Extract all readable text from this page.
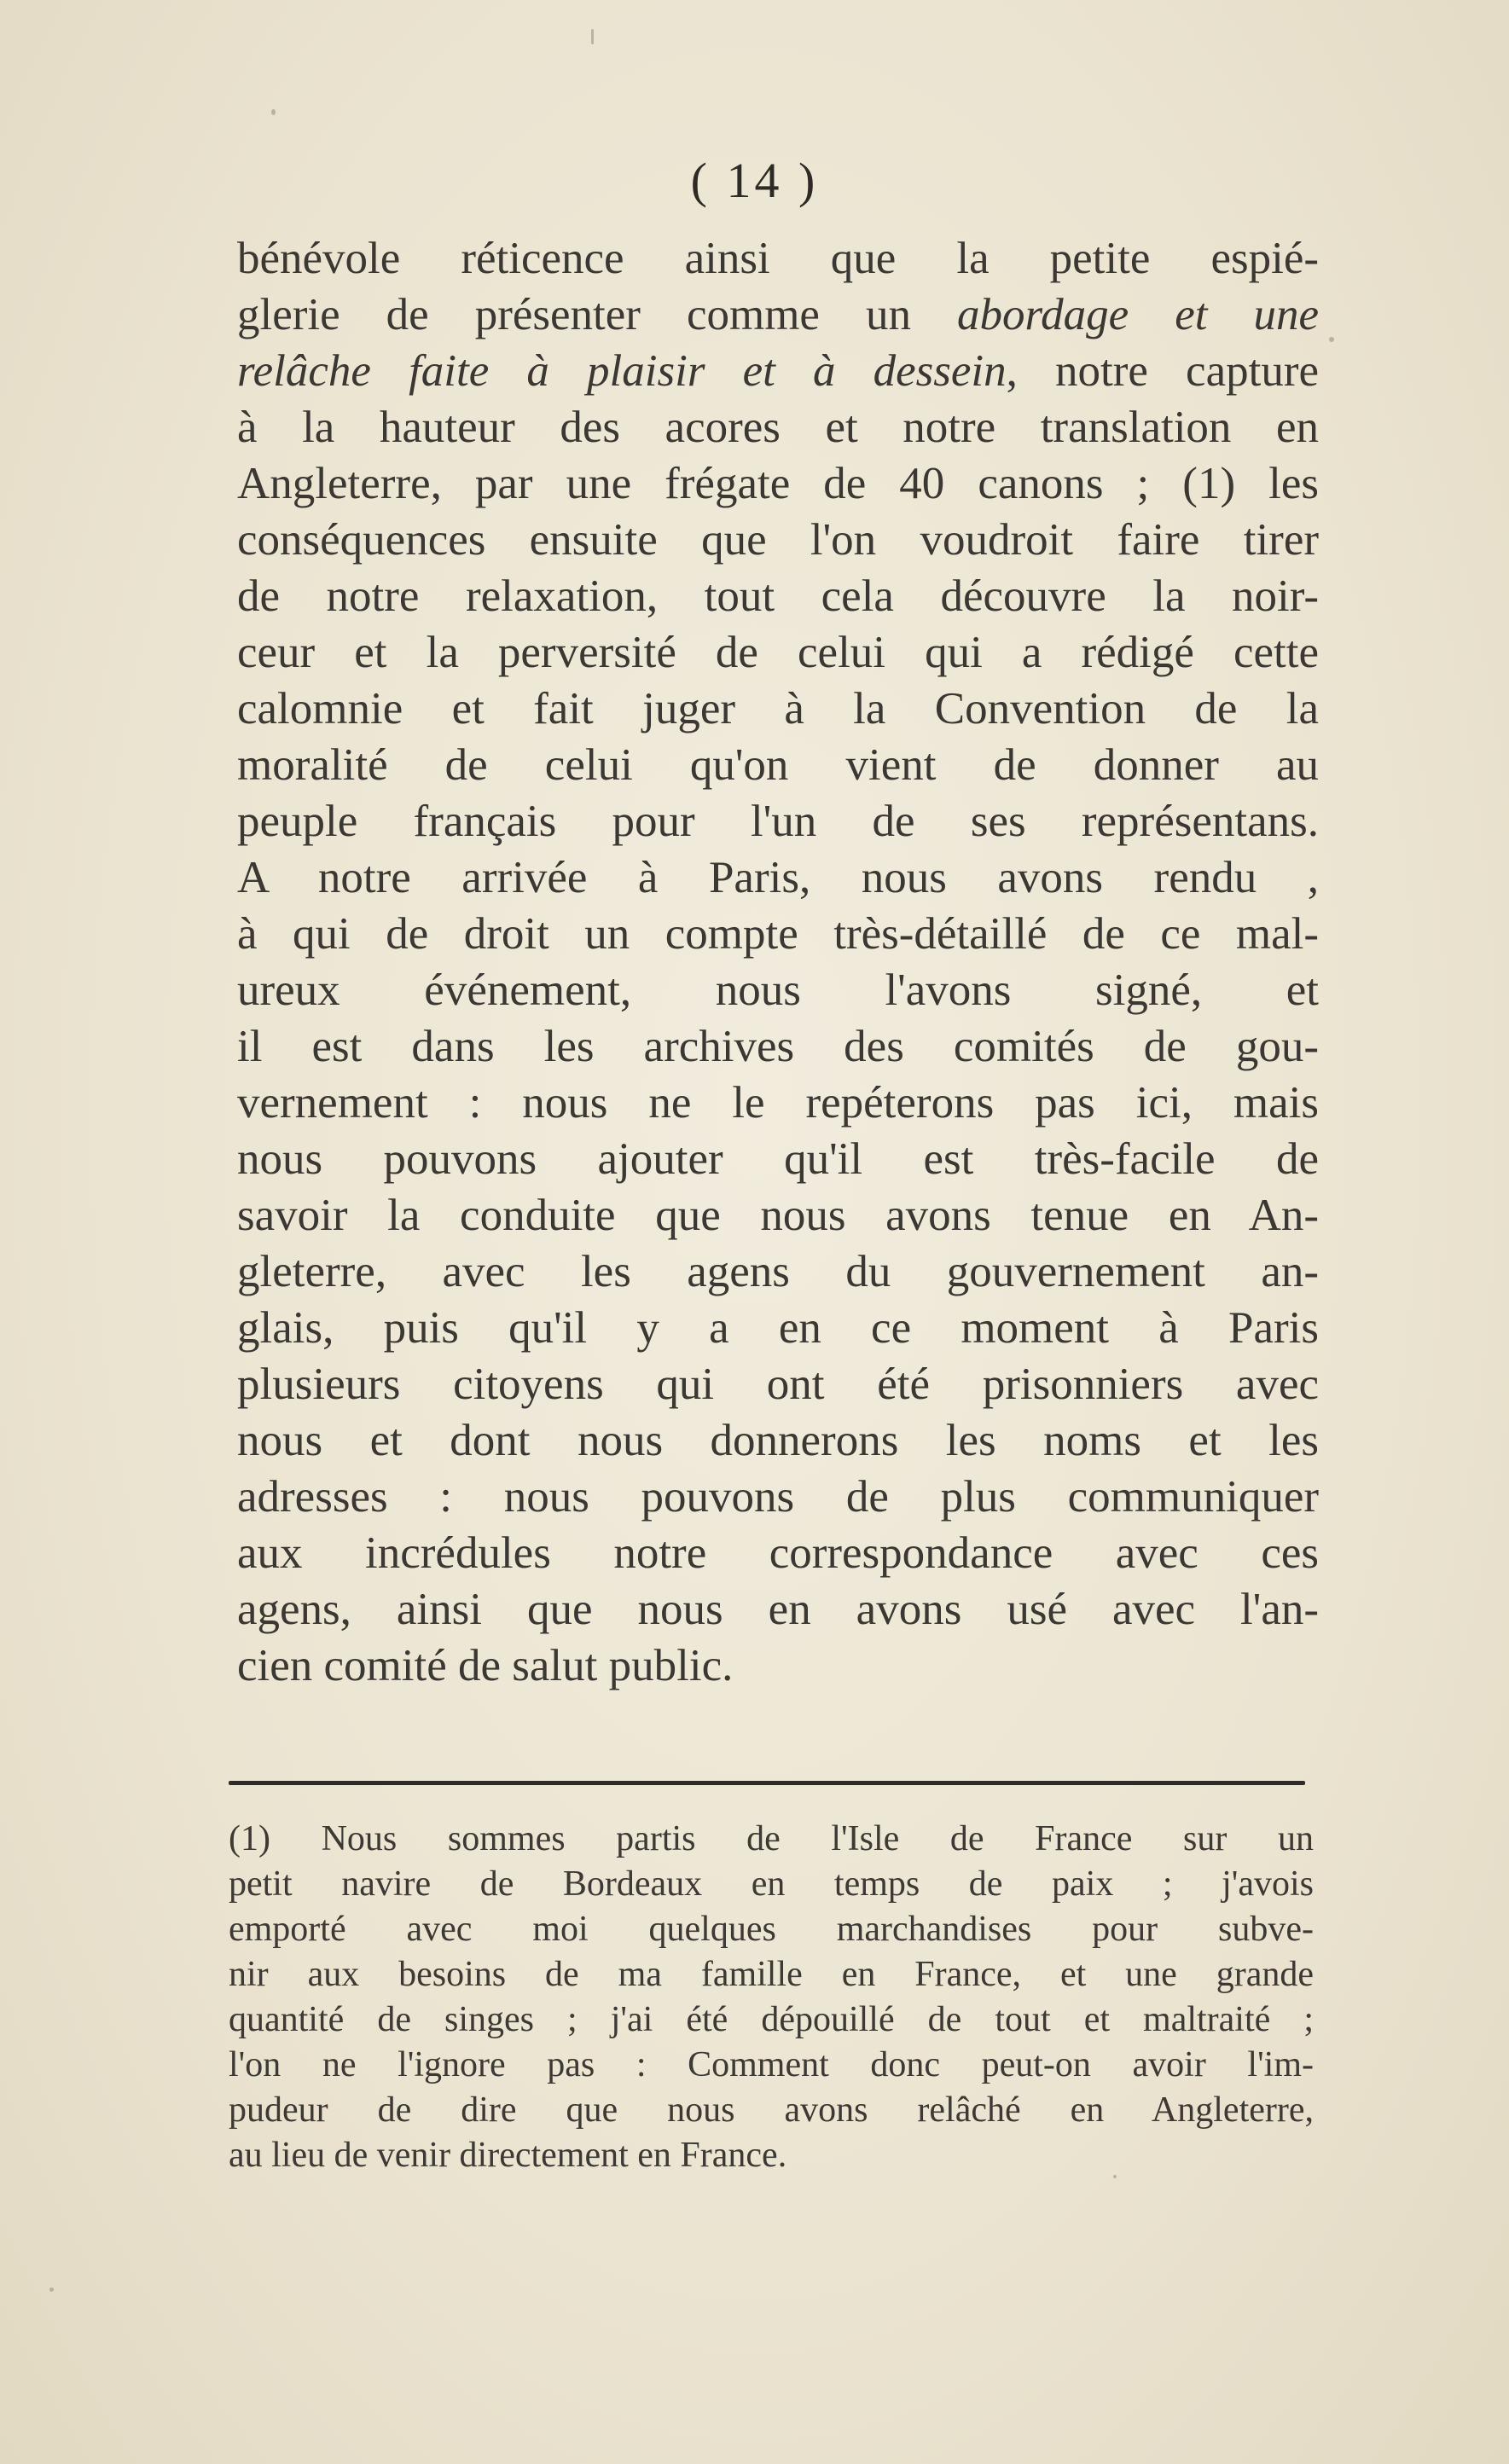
( 14 )
bénévole réticence ainsi que la petite espié-
glerie de présenter comme un abordage et une
relâche faite à plaisir et à dessein, notre capture
à la hauteur des acores et notre translation en
Angleterre, par une frégate de 40 canons ; (1) les
conséquences ensuite que l'on voudroit faire tirer
de notre relaxation, tout cela découvre la noir-
ceur et la perversité de celui qui a rédigé cette
calomnie et fait juger à la Convention de la
moralité de celui qu'on vient de donner au
peuple français pour l'un de ses représentans.
A notre arrivée à Paris, nous avons rendu ,
à qui de droit un compte très-détaillé de ce mal-
ureux événement, nous l'avons signé, et
il est dans les archives des comités de gou-
vernement : nous ne le repéterons pas ici, mais
nous pouvons ajouter qu'il est très-facile de
savoir la conduite que nous avons tenue en An-
gleterre, avec les agens du gouvernement an-
glais, puis qu'il y a en ce moment à Paris
plusieurs citoyens qui ont été prisonniers avec
nous et dont nous donnerons les noms et les
adresses : nous pouvons de plus communiquer
aux incrédules notre correspondance avec ces
agens, ainsi que nous en avons usé avec l'an-
cien comité de salut public.
(1) Nous sommes partis de l'Isle de France sur un
petit navire de Bordeaux en temps de paix ; j'avois
emporté avec moi quelques marchandises pour subve-
nir aux besoins de ma famille en France, et une grande
quantité de singes ; j'ai été dépouillé de tout et maltraité ;
l'on ne l'ignore pas : Comment donc peut-on avoir l'im-
pudeur de dire que nous avons relâché en Angleterre,
au lieu de venir directement en France.
